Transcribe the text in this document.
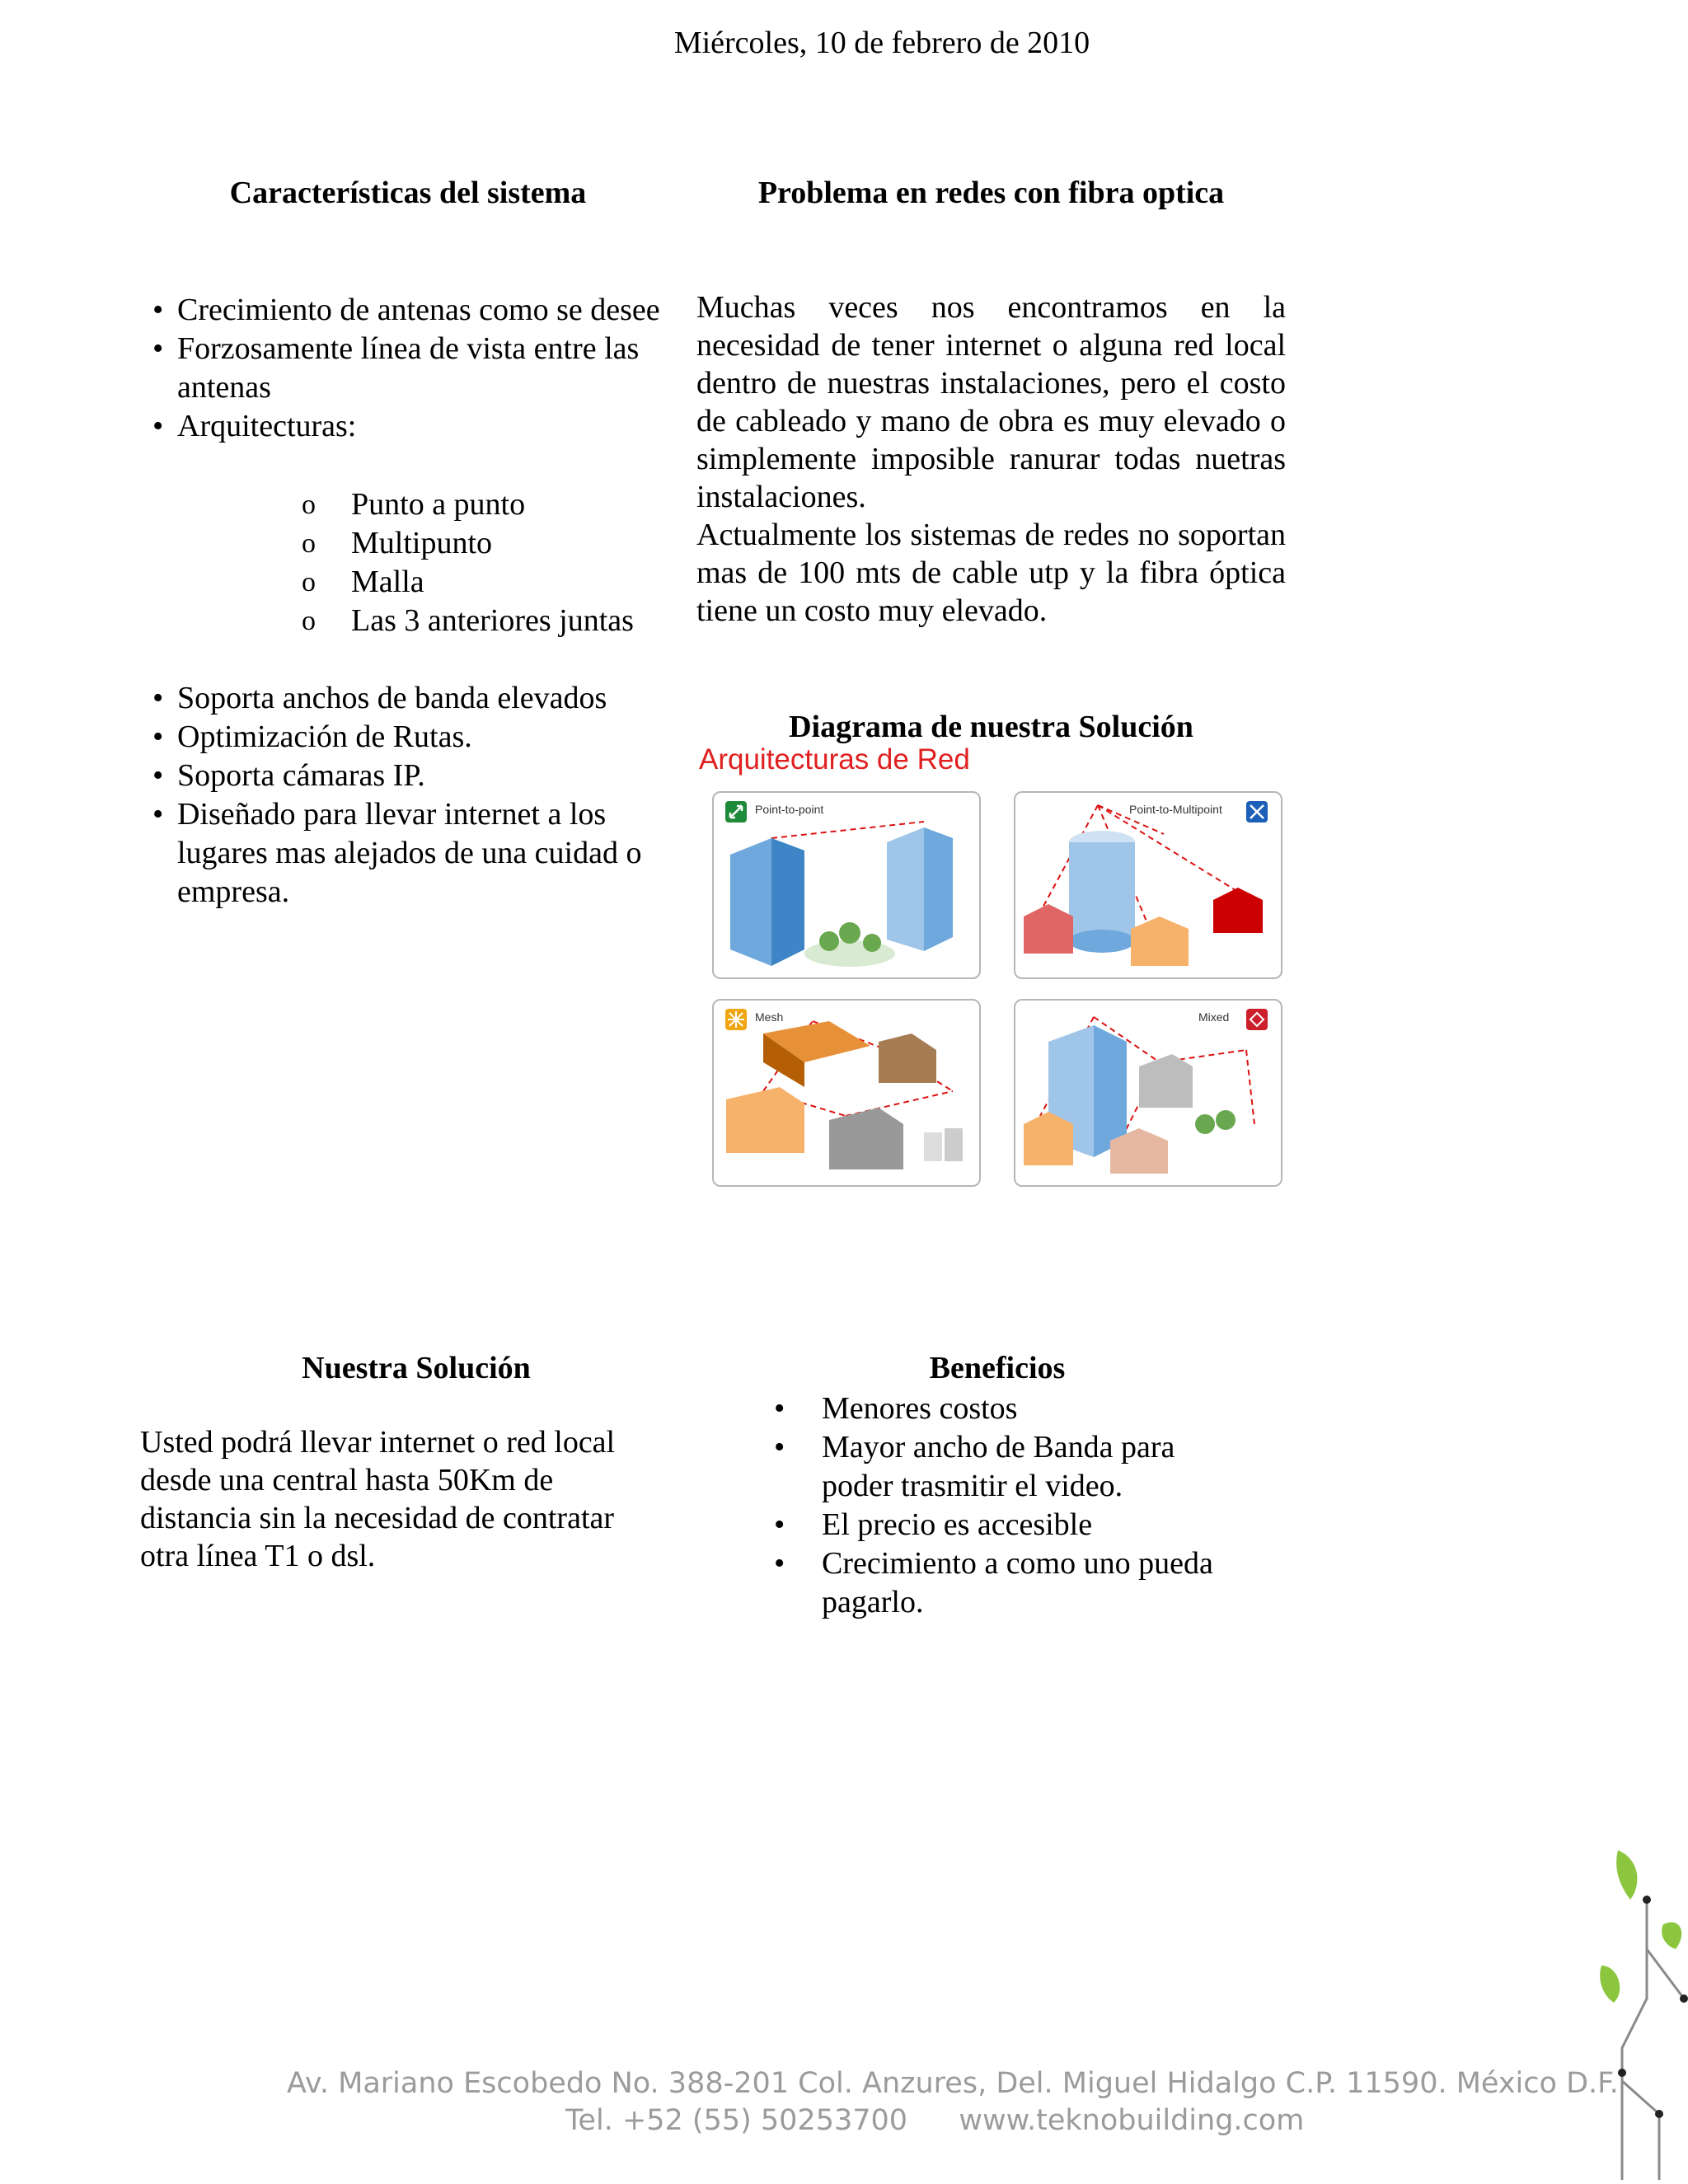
Miércoles, 10 de febrero de 2010
Características del sistema
• Crecimiento de antenas como se desee
• Forzosamente línea de vista entre las antenas
• Arquitecturas:
o Punto a punto
o Multipunto
o Malla
o Las 3 anteriores juntas
• Soporta anchos de banda elevados
• Optimización de Rutas.
• Soporta cámaras IP.
• Diseñado para llevar internet a los lugares mas alejados de una cuidad o empresa.
Problema en redes con fibra optica

Muchas veces nos encontramos en la necesidad de tener internet o alguna red local dentro de nuestras instalaciones, pero el costo de cableado y mano de obra es muy elevado o simplemente imposible ranurar todas nuetras instalaciones.

Actualmente los sistemas de redes no soportan mas de 100 mts de cable utp y la fibra óptica tiene un costo muy elevado.

Diagrama de nuestra Solución
Arquitecturas de Red
Point-to-point	Point-to-Multipoint
Mesh	Mixed
Nuestra Solución
Usted podrá llevar internet o red local desde una central hasta 50Km de distancia sin la necesidad de contratar otra línea T1 o dsl.
Beneficios
• Menores costos
• Mayor ancho de Banda para poder trasmitir el video.
• El precio es accesible
• Crecimiento a como uno pueda pagarlo.
Av. Mariano Escobedo No. 388-201 Col. Anzures, Del. Miguel Hidalgo C.P. 11590. México D.F.
Tel. +52 (55) 50253700 www.teknobuilding.com
